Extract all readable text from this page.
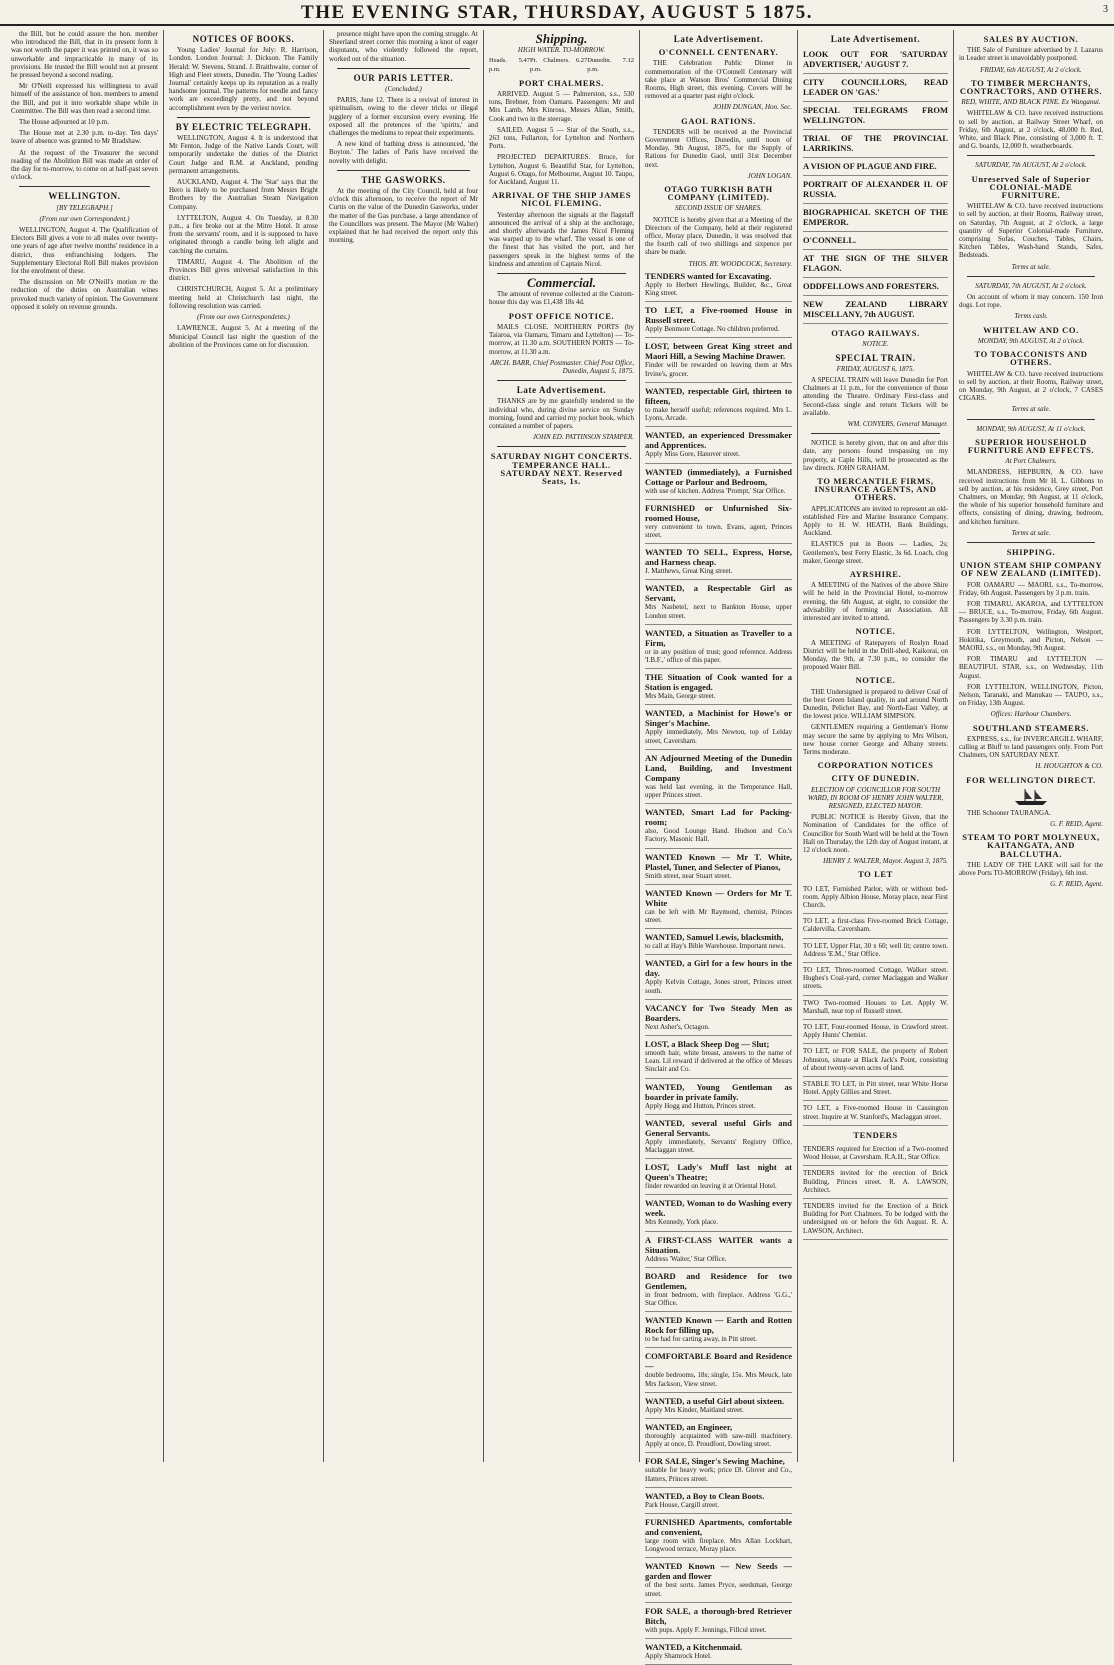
THE EVENING STAR, THURSDAY, AUGUST 5 1875.	3

the Bill, but he could assure the hon. member who introduced the Bill, that in its present form it was not worth the paper it was printed on, it was so unworkable and impracticable in many of its provisions. He trusted the Bill would not at present be pressed beyond a second reading.

Mr O'Neill expressed his willingness to avail himself of the assistance of hon. members to amend the Bill, and put it into workable shape while in Committee. The Bill was then read a second time.

The House adjourned at 10 p.m.

The House met at 2.30 p.m. to-day. Ten days' leave of absence was granted to Mr Bradshaw.

At the request of the Treasurer the second reading of the Abolition Bill was made an order of the day for to-morrow, to come on at half-past seven o'clock.

WELLINGTON.
[BY TELEGRAPH.]
(From our own Correspondent.)

WELLINGTON, August 4. The Qualification of Electors Bill gives a vote to all males over twenty-one years of age after twelve months' residence in a district, thus enfranchising lodgers. The Supplementary Electoral Roll Bill makes provision for the enrolment of these.

The discussion on Mr O'Neill's motion re the reduction of the duties on Australian wines provoked much variety of opinion. The Government opposed it solely on revenue grounds.

NOTICES OF BOOKS.

Young Ladies' Journal for July: R. Harrison, London. London Journal: J. Dickson. The Family Herald: W. Stevens, Strand. J. Braithwaite, corner of High and Fleet streets, Dunedin. The 'Young Ladies' Journal' certainly keeps up its reputation as a really handsome journal. The patterns for needle and fancy work are exceedingly pretty, and not beyond accomplishment even by the veriest novice.

BY ELECTRIC TELEGRAPH.

WELLINGTON, August 4. It is understood that Mr Fenton, Judge of the Native Lands Court, will temporarily undertake the duties of the District Court Judge and R.M. at Auckland, pending permanent arrangements.

AUCKLAND, August 4. The 'Star' says that the Hero is likely to be purchased from Messrs Bright Brothers by the Australian Steam Navigation Company.

LYTTELTON, August 4. On Tuesday, at 8.30 p.m., a fire broke out at the Mitre Hotel. It arose from the servants' room, and it is supposed to have originated through a candle being left alight and catching the curtains.

TIMARU, August 4. The Abolition of the Provinces Bill gives universal satisfaction in this district.

CHRISTCHURCH, August 5. At a preliminary meeting held at Christchurch last night, the following resolution was carried.

(From our own Correspondents.)

LAWRENCE, August 5. At a meeting of the Municipal Council last night the question of the abolition of the Provinces came on for discussion.

presence might have upon the coming struggle. At Sheerland street corner this morning a knot of eager disputants, who violently followed the report, worked out of the situation.

OUR PARIS LETTER.
(Concluded.)

PARIS, June 12. There is a revival of interest in spiritualism, owing to the clever tricks or illegal jugglery of a former excursion every evening. He exposed all the pretences of the 'spirits,' and challenges the mediums to repeat their experiments.

A new kind of bathing dress is announced, 'the Boyton.' The ladies of Paris have received the novelty with delight.

THE GASWORKS.

At the meeting of the City Council, held at four o'clock this afternoon, to receive the report of Mr Curtis on the value of the Dunedin Gasworks, under the matter of the Gas purchase, a large attendance of the Councillors was present. The Mayor (Mr Walter) explained that he had received the report only this morning.

Shipping.
HIGH WATER. TO-MORROW.
Heads. 5.47 p.m.
Pt. Chalmers. 6.27 p.m.
Dunedin. 7.12 p.m.
PORT CHALMERS.

ARRIVED. August 5 — Palmerston, s.s., 530 tons, Brebner, from Oamaru. Passengers: Mr and Mrs Lamb, Mrs Kinross, Messrs Allan, Smith, Cook and two in the steerage.

SAILED. August 5 — Star of the South, s.s., 263 tons, Fullarton, for Lyttelton and Northern Ports.

PROJECTED DEPARTURES. Bruce, for Lyttelton, August 6. Beautiful Star, for Lyttelton, August 6. Otago, for Melbourne, August 10. Taupo, for Auckland, August 11.

ARRIVAL OF THE SHIP JAMES NICOL FLEMING.

Yesterday afternoon the signals at the flagstaff announced the arrival of a ship at the anchorage, and shortly afterwards the James Nicol Fleming was warped up to the wharf. The vessel is one of the finest that has visited the port, and her passengers speak in the highest terms of the kindness and attention of Captain Nicol.

Commercial.

The amount of revenue collected at the Custom-house this day was £1,438 18s 4d.

POST OFFICE NOTICE.

MAILS CLOSE. NORTHERN PORTS (by Taiaroa, via Oamaru, Timaru and Lyttelton) — To-morrow, at 11.30 a.m. SOUTHERN PORTS — To-morrow, at 11.30 a.m.

ARCH. BARR, Chief Postmaster. Chief Post Office, Dunedin, August 5, 1875.
Late Advertisement.

THANKS are by me gratefully tendered to the individual who, during divine service on Sunday morning, found and carried my pocket book, which contained a number of papers.

JOHN ED. PATTINSON STAMPER.
SATURDAY NIGHT CONCERTS. TEMPERANCE HALL. SATURDAY NEXT. Reserved Seats, 1s.
Late Advertisement.
O'CONNELL CENTENARY.

THE Celebration Public Dinner in commemoration of the O'Connell Centenary will take place at Watson Bros' Commercial Dining Rooms, High street, this evening. Covers will be removed at a quarter past eight o'clock.

JOHN DUNGAN, Hon. Sec.
GAOL RATIONS.

TENDERS will be received at the Provincial Government Offices, Dunedin, until noon of Monday, 9th August, 1875, for the Supply of Rations for Dunedin Gaol, until 31st December next.

JOHN LOGAN.
OTAGO TURKISH BATH COMPANY (LIMITED).
SECOND ISSUE OF SHARES.

NOTICE is hereby given that at a Meeting of the Directors of the Company, held at their registered office, Moray place, Dunedin, it was resolved that the fourth call of two shillings and sixpence per share be made.

THOS. RY. WOODCOCK, Secretary.
TENDERS wanted for Excavating.
Apply to Herbert Hewlings, Builder, &c., Great King street.
TO LET, a Five-roomed House in Russell street.
Apply Benmore Cottage. No children preferred.
LOST, between Great King street and Maori Hill, a Sewing Machine Drawer.
Finder will be rewarded on leaving them at Mrs Irvine's, grocer.
WANTED, respectable Girl, thirteen to fifteen,
to make herself useful; references required. Mrs L. Lyons, Arcade.
WANTED, an experienced Dressmaker and Apprentices.
Apply Miss Gore, Hanover street.
WANTED (immediately), a Furnished Cottage or Parlour and Bedroom,
with use of kitchen. Address 'Prompt,' Star Office.
FURNISHED or Unfurnished Six-roomed House,
very convenient to town. Evans, agent, Princes street.
WANTED TO SELL, Express, Horse, and Harness cheap.
J. Matthews, Great King street.
WANTED, a Respectable Girl as Servant,
Mrs Nasbetel, next to Bankton House, upper London street.
WANTED, a Situation as Traveller to a Firm,
or in any position of trust; good reference. Address 'I.B.F.,' office of this paper.
THE Situation of Cook wanted for a Station is engaged.
Mrs Main, George street.
WANTED, a Machinist for Howe's or Singer's Machine.
Apply immediately, Mrs Newton, top of Lelday street, Caversham.
AN Adjourned Meeting of the Dunedin Land, Building, and Investment Company
was held last evening, in the Temperance Hall, upper Princes street.
WANTED, Smart Lad for Packing-room;
also, Good Lounge Hand. Hudson and Co.'s Factory, Masonic Hall.
WANTED Known — Mr T. White, Plastel, Tuner, and Selecter of Pianos,
Smith street, near Stuart street.
WANTED Known — Orders for Mr T. White
can be left with Mr Raymond, chemist, Princes street.
WANTED, Samuel Lewis, blacksmith,
to call at Hay's Bible Warehouse. Important news.
WANTED, a Girl for a few hours in the day.
Apply Kelvin Cottage, Jones street, Princes street south.
VACANCY for Two Steady Men as Boarders.
Next Asher's, Octagon.
LOST, a Black Sheep Dog — Slut;
smooth hair, white breast, answers to the name of Lean. Lil reward if delivered at the office of Messrs Sinclair and Co.
WANTED, Young Gentleman as boarder in private family.
Apply Hogg and Hutton, Princes street.
WANTED, several useful Girls and General Servants.
Apply immediately, Servants' Registry Office, Maclaggan street.
LOST, Lady's Muff last night at Queen's Theatre;
finder rewarded on leaving it at Oriental Hotel.
WANTED, Woman to do Washing every week.
Mrs Kennedy, York place.
A FIRST-CLASS WAITER wants a Situation.
Address 'Waiter,' Star Office.
BOARD and Residence for two Gentlemen,
in front bedroom, with fireplace. Address 'G.G.,' Star Office.
WANTED Known — Earth and Rotten Rock for filling up,
to be had for carting away, in Pitt street.
COMFORTABLE Board and Residence —
double bedrooms, 18s; single, 15s. Mrs Meuck, late Mrs Jackson, View street.
WANTED, a useful Girl about sixteen.
Apply Mrs Kinder, Maitland street.
WANTED, an Engineer,
thoroughly acquainted with saw-mill machinery. Apply at once, D. Proudfoot, Dowling street.
FOR SALE, Singer's Sewing Machine,
suitable for heavy work; price £8. Glover and Co., Hatters, Princes street.
WANTED, a Boy to Clean Boots.
Park House, Cargill street.
FURNISHED Apartments, comfortable and convenient,
large room with fireplace. Mrs Allan Lockhart, Longwood terrace, Moray place.
WANTED Known — New Seeds — garden and flower
of the best sorts. James Pryce, seedsman, George street.
FOR SALE, a thorough-bred Retriever Bitch,
with pups. Apply F. Jennings, Fillcul street.
WANTED, a Kitchenmaid.
Apply Shamrock Hotel.
Late Advertisement.
LOOK OUT FOR 'SATURDAY ADVERTISER,' AUGUST 7.
CITY COUNCILLORS, READ LEADER ON 'GAS.'
SPECIAL TELEGRAMS FROM WELLINGTON.
TRIAL OF THE PROVINCIAL LARRIKINS.
A VISION OF PLAGUE AND FIRE.
PORTRAIT OF ALEXANDER II. OF RUSSIA.
BIOGRAPHICAL SKETCH OF THE EMPEROR.
O'CONNELL.
AT THE SIGN OF THE SILVER FLAGON.
ODDFELLOWS AND FORESTERS.
NEW ZEALAND LIBRARY MISCELLANY, 7th AUGUST.
OTAGO RAILWAYS.
NOTICE.
SPECIAL TRAIN.
FRIDAY, AUGUST 6, 1875.

A SPECIAL TRAIN will leave Dunedin for Port Chalmers at 11 p.m., for the convenience of those attending the Theatre. Ordinary First-class and Second-class single and return Tickets will be available.

WM. CONYERS, General Manager.

NOTICE is hereby given, that on and after this date, any persons found trespassing on my property, at Caple Hills, will be prosecuted as the law directs. JOHN GRAHAM.

TO MERCANTILE FIRMS, INSURANCE AGENTS, AND OTHERS.

APPLICATIONS are invited to represent an old-established Fire and Marine Insurance Company. Apply to H. W. HEATH, Bank Buildings, Auckland.

ELASTICS put in Boots — Ladies, 2s; Gentlemen's, best Ferry Elastic, 3s 6d. Loach, clog maker, George street.

AYRSHIRE.

A MEETING of the Natives of the above Shire will be held in the Provincial Hotel, to-morrow evening, the 6th August, at eight, to consider the advisability of forming an Association. All interested are invited to attend.

NOTICE.

A MEETING of Ratepayers of Roslyn Road District will be held in the Drill-shed, Kaikorai, on Monday, the 9th, at 7.30 p.m., to consider the proposed Water Bill.

NOTICE.

THE Undersigned is prepared to deliver Coal of the best Green Island quality, in and around North Dunedin, Pelichet Bay, and North-East Valley, at the lowest price. WILLIAM SIMPSON.

GENTLEMEN requiring a Gentleman's Home may secure the same by applying to Mrs Wilson, new house corner George and Albany streets. Terms moderate.

CORPORATION NOTICES
CITY OF DUNEDIN.
ELECTION OF COUNCILLOR FOR SOUTH WARD, IN ROOM OF HENRY JOHN WALTER, RESIGNED, ELECTED MAYOR.

PUBLIC NOTICE is Hereby Given, that the Nomination of Candidates for the office of Councillor for South Ward will be held at the Town Hall on Thursday, the 12th day of August instant, at 12 o'clock noon.

HENRY J. WALTER, Mayor. August 3, 1875.
TO LET
TO LET, Furnished Parlor, with or without bed-room. Apply Albion House, Moray place, near First Church.
TO LET, a first-class Five-roomed Brick Cottage, Caldervilla, Caversham.
TO LET, Upper Flat, 30 x 60; well lit; centre town. Address 'E.M.,' Star Office.
TO LET, Three-roomed Cottage, Walker street. Hughes's Coal-yard, corner Maclaggan and Walker streets.
TWO Two-roomed Houses to Let. Apply W. Marshall, near top of Russell street.
TO LET, Four-roomed House, in Crawford street. Apply Hunts' Chemist.
TO LET, or FOR SALE, the property of Robert Johnston, situate at Black Jack's Point, consisting of about twenty-seven acres of land.
STABLE TO LET, in Pitt street, near White Horse Hotel. Apply Gillies and Street.
TO LET, a Five-roomed House in Cassington street. Inquire at W. Stanford's, Maclaggan street.
TENDERS
TENDERS required for Erection of a Two-roomed Wood House, at Caversham. R.A.H., Star Office.
TENDERS invited for the erection of Brick Building, Princes street. R. A. LAWSON, Architect.
TENDERS invited for the Erection of a Brick Building for Port Chalmers. To be lodged with the undersigned on or before the 6th August. R. A. LAWSON, Architect.
SALES BY AUCTION.

THE Sale of Furniture advertised by J. Lazarus in Leader street is unavoidably postponed.

FRIDAY, 6th AUGUST, At 2 o'clock.
TO TIMBER MERCHANTS, CONTRACTORS, AND OTHERS.
RED, WHITE, AND BLACK PINE. Ex Wanganui.

WHITELAW & CO. have received instructions to sell by auction, at Railway Street Wharf, on Friday, 6th August, at 2 o'clock, 48,000 ft. Red, White, and Black Pine, consisting of 3,000 ft. T. and G. boards, 12,000 ft. weatherboards.

SATURDAY, 7th AUGUST, At 2 o'clock.
Unreserved Sale of Superior COLONIAL-MADE FURNITURE.

WHITELAW & CO. have received instructions to sell by auction, at their Rooms, Railway street, on Saturday, 7th August, at 2 o'clock, a large quantity of Superior Colonial-made Furniture, comprising Sofas, Couches, Tables, Chairs, Kitchen Tables, Wash-hand Stands, Safes, Bedsteads.

Terms at sale.
SATURDAY, 7th AUGUST, At 2 o'clock.

On account of whom it may concern. 150 Iron dogs. Lot rope.

Terms cash.
WHITELAW AND CO.
MONDAY, 9th AUGUST, At 2 o'clock.
TO TOBACCONISTS AND OTHERS.

WHITELAW & CO. have received instructions to sell by auction, at their Rooms, Railway street, on Monday, 9th August, at 2 o'clock, 7 CASES CIGARS.

Terms at sale.
MONDAY, 9th AUGUST, At 11 o'clock.
SUPERIOR HOUSEHOLD FURNITURE AND EFFECTS.
At Port Chalmers.

MLANDRESS, HEPBURN, & CO. have received instructions from Mr H. L. Gibbons to sell by auction, at his residence, Grey street, Port Chalmers, on Monday, 9th August, at 11 o'clock, the whole of his superior household furniture and effects, consisting of dining, drawing, bedroom, and kitchen furniture.

Terms at sale.
SHIPPING.
UNION STEAM SHIP COMPANY OF NEW ZEALAND (LIMITED).

FOR OAMARU — MAORI, s.s., To-morrow, Friday, 6th August. Passengers by 3 p.m. train.

FOR TIMARU, AKAROA, and LYTTELTON — BRUCE, s.s., To-morrow, Friday, 6th August. Passengers by 3.30 p.m. train.

FOR LYTTELTON, Wellington, Westport, Hokitika, Greymouth, and Picton, Nelson — MAORI, s.s., on Monday, 9th August.

FOR TIMARU and LYTTELTON — BEAUTIFUL STAR, s.s., on Wednesday, 11th August.

FOR LYTTELTON, WELLINGTON, Picton, Nelson, Taranaki, and Manukau — TAUPO, s.s., on Friday, 13th August.

Offices: Harbour Chambers.
SOUTHLAND STEAMERS.

EXPRESS, s.s., for INVERCARGILL WHARF, calling at Bluff to land passengers only. From Port Chalmers, ON SATURDAY NEXT.

H. HOUGHTON & CO.
FOR WELLINGTON DIRECT.

THE Schooner TAURANGA.

G. F. REID, Agent.
STEAM TO PORT MOLYNEUX, KAITANGATA, AND BALCLUTHA.

THE LADY OF THE LAKE will sail for the above Ports TO-MORROW (Friday), 6th inst.

G. F. REID, Agent.
